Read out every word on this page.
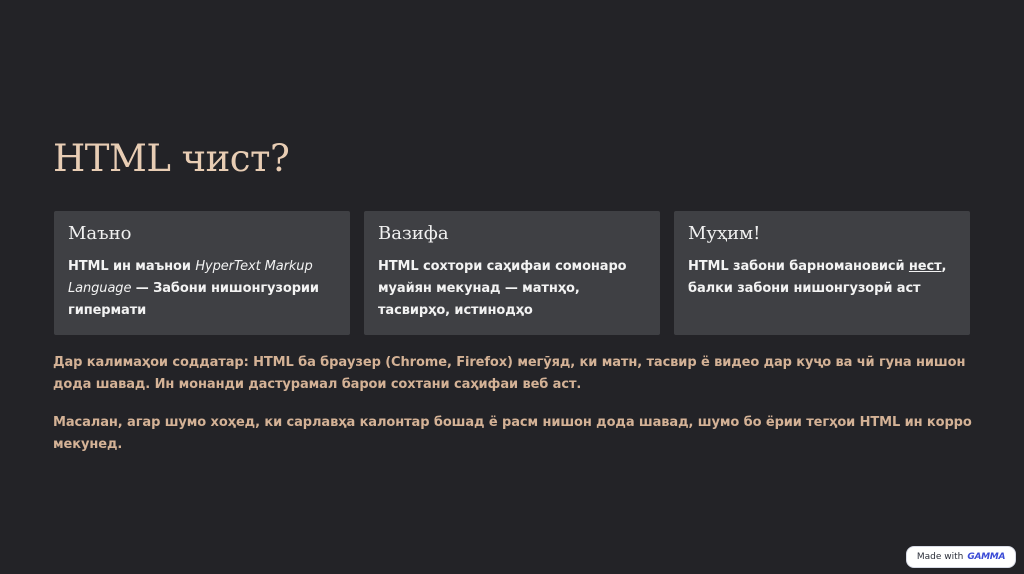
HTML чист?
Маъно

HTML ин маънои HyperText Markup Language — Забони нишонгузории гипермати

Вазифа

HTML сохтори саҳифаи сомонаро муайян мекунад — матнҳо, тасвирҳо, истинодҳо

Муҳим!

HTML забони барномановисӣ нест, балки забони нишонгузорӣ аст

Дар калимаҳои соддатар: HTML ба браузер (Chrome, Firefox) мегӯяд, ки матн, тасвир ё видео дар куҷо ва чӣ гуна нишон дода шавад. Ин монанди дастурамал барои сохтани саҳифаи веб аст.

Масалан, агар шумо хоҳед, ки сарлавҳа калонтар бошад ё расм нишон дода шавад, шумо бо ёрии тегҳои HTML ин корро мекунед.

Made with GAMMA
